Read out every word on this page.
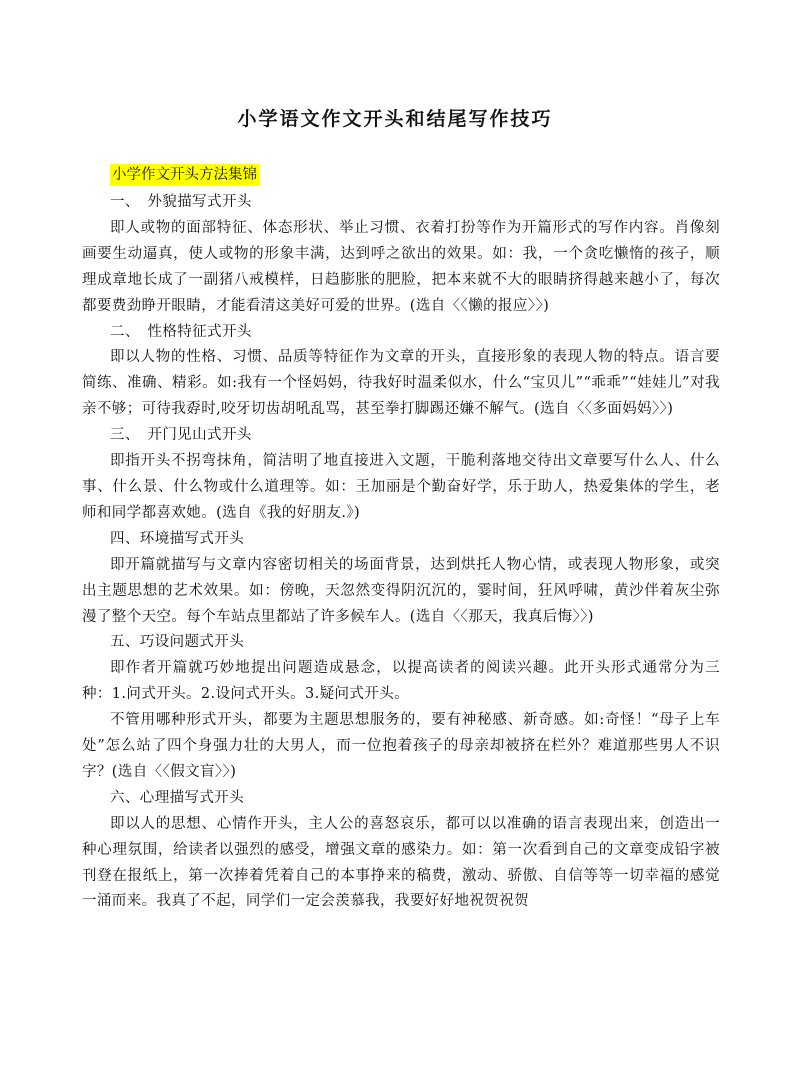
小学语文作文开头和结尾写作技巧
小学作文开头方法集锦

一、　外貌描写式开头

即人或物的面部特征、体态形状、举止习惯、衣着打扮等作为开篇形式的写作内容。肖像刻画要生动逼真，使人或物的形象丰满，达到呼之欲出的效果。如：我，一个贪吃懒惰的孩子，顺理成章地长成了一副猪八戒模样，日趋膨胀的肥脸，把本来就不大的眼睛挤得越来越小了，每次都要费劲睁开眼睛，才能看清这美好可爱的世界。(选自〈〈懒的报应〉〉)

二、　性格特征式开头

即以人物的性格、习惯、品质等特征作为文章的开头，直接形象的表现人物的特点。语言要简练、准确、精彩。如:我有一个怪妈妈，待我好时温柔似水，什么“宝贝儿”“乖乖”“娃娃儿”对我亲不够；可待我孬时,咬牙切齿胡吼乱骂，甚至拳打脚踢还嫌不解气。(选自〈〈多面妈妈〉〉)

三、　开门见山式开头

即指开头不拐弯抹角，简洁明了地直接进入文题，干脆利落地交待出文章要写什么人、什么事、什么景、什么物或什么道理等。如：王加丽是个勤奋好学，乐于助人，热爱集体的学生，老师和同学都喜欢她。(选自《我的好朋友.》)

四、环境描写式开头

即开篇就描写与文章内容密切相关的场面背景，达到烘托人物心情，或表现人物形象，或突出主题思想的艺术效果。如：傍晚，天忽然变得阴沉沉的，霎时间，狂风呼啸，黄沙伴着灰尘弥漫了整个天空。每个车站点里都站了许多候车人。(选自〈〈那天，我真后悔〉〉)

五、巧设问题式开头

即作者开篇就巧妙地提出问题造成悬念，以提高读者的阅读兴趣。此开头形式通常分为三种：1.问式开头。2.设问式开头。3.疑问式开头。

不管用哪种形式开头，都要为主题思想服务的，要有神秘感、新奇感。如:奇怪！“母子上车处”怎么站了四个身强力壮的大男人，而一位抱着孩子的母亲却被挤在栏外？难道那些男人不识字？(选自〈〈假文盲〉〉)

六、心理描写式开头

即以人的思想、心情作开头，主人公的喜怒哀乐，都可以以准确的语言表现出来，创造出一种心理氛围，给读者以强烈的感受，增强文章的感染力。如：第一次看到自己的文章变成铅字被刊登在报纸上，第一次捧着凭着自己的本事挣来的稿费，激动、骄傲、自信等等一切幸福的感觉一涌而来。我真了不起，同学们一定会羡慕我，我要好好地祝贺祝贺
